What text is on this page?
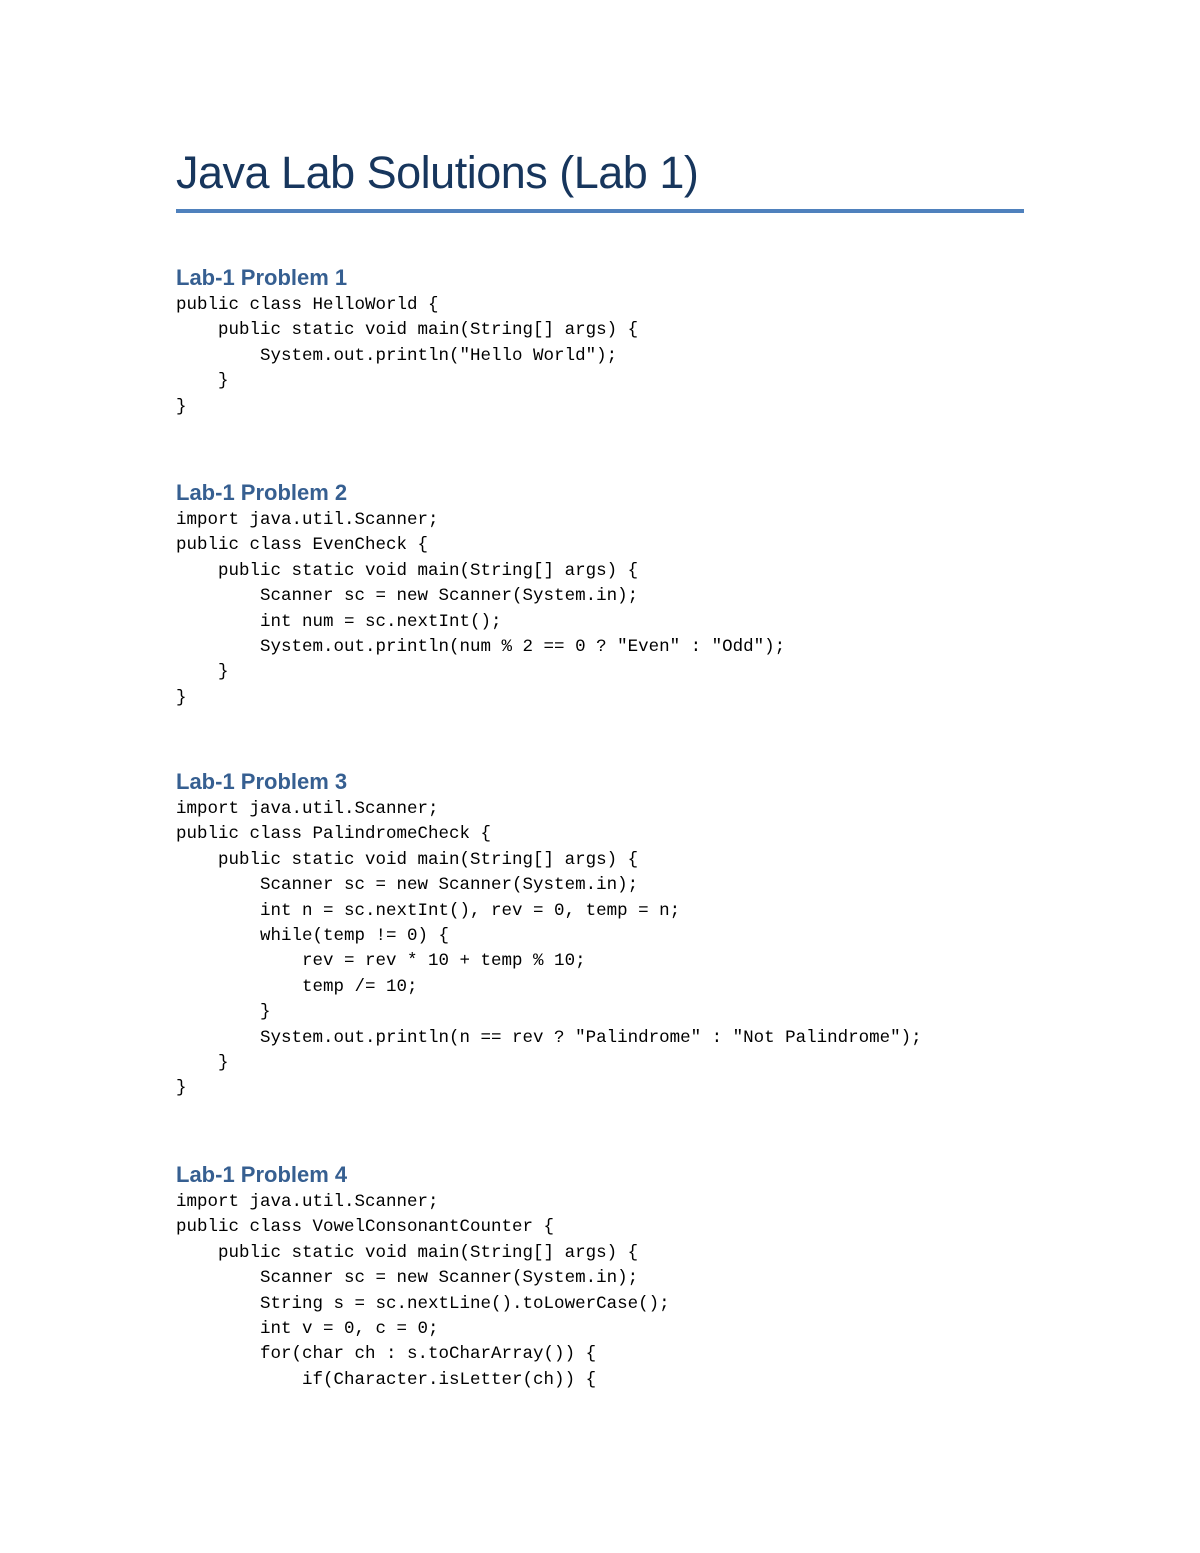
Java Lab Solutions (Lab 1)
Lab-1 Problem 1
public class HelloWorld {
public static void main(String[] args) {
System.out.println("Hello World");
}
}
Lab-1 Problem 2
import java.util.Scanner;
public class EvenCheck {
public static void main(String[] args) {
Scanner sc = new Scanner(System.in);
int num = sc.nextInt();
System.out.println(num % 2 == 0 ? "Even" : "Odd");
}
}
Lab-1 Problem 3
import java.util.Scanner;
public class PalindromeCheck {
public static void main(String[] args) {
Scanner sc = new Scanner(System.in);
int n = sc.nextInt(), rev = 0, temp = n;
while(temp != 0) {
rev = rev * 10 + temp % 10;
temp /= 10;
}
System.out.println(n == rev ? "Palindrome" : "Not Palindrome");
}
}
Lab-1 Problem 4
import java.util.Scanner;
public class VowelConsonantCounter {
public static void main(String[] args) {
Scanner sc = new Scanner(System.in);
String s = sc.nextLine().toLowerCase();
int v = 0, c = 0;
for(char ch : s.toCharArray()) {
if(Character.isLetter(ch)) {
